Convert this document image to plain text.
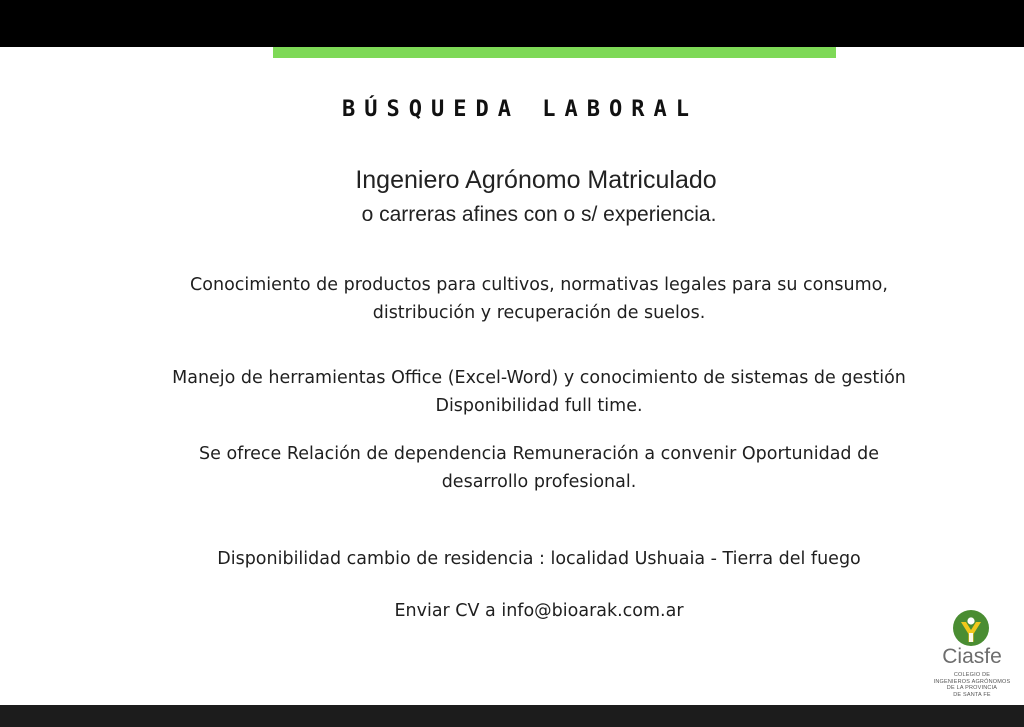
BÚSQUEDA LABORAL
Ingeniero Agrónomo Matriculado
o carreras afines con o s/ experiencia.
Conocimiento de productos para cultivos, normativas legales para su consumo,
distribución y recuperación de suelos.
Manejo de herramientas Office (Excel-Word) y conocimiento de sistemas de gestión
Disponibilidad full time.
Se ofrece Relación de dependencia Remuneración a convenir Oportunidad de
desarrollo profesional.
Disponibilidad cambio de residencia : localidad Ushuaia - Tierra del fuego
Enviar CV a info@bioarak.com.ar
Ciasfe
COLEGIO DE
INGENIEROS AGRÓNOMOS
DE LA PROVINCIA
DE SANTA FE
